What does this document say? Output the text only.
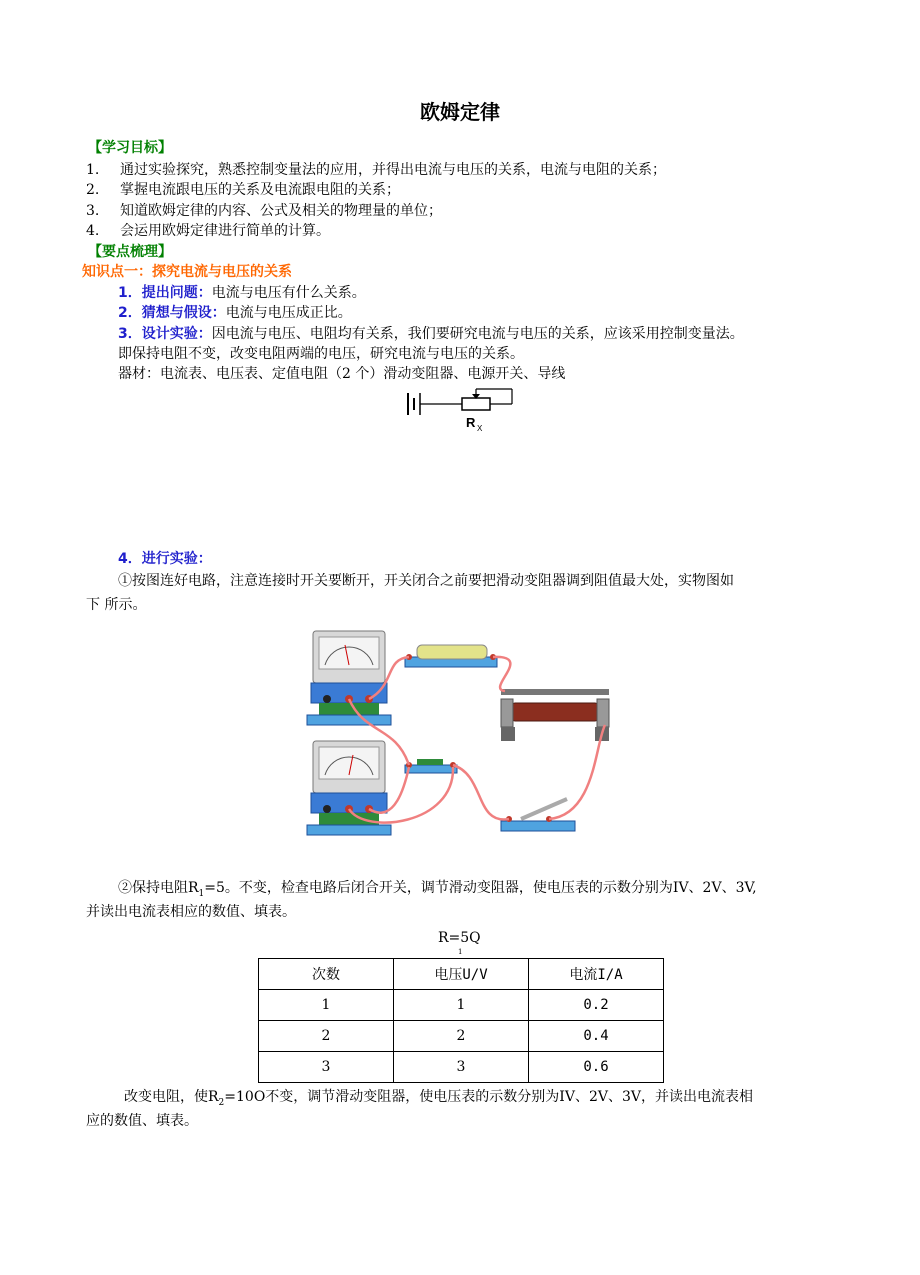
欧姆定律
【学习目标】
1. 通过实验探究，熟悉控制变量法的应用，并得出电流与电压的关系，电流与电阻的关系；
2. 掌握电流跟电压的关系及电流跟电阻的关系；
3. 知道欧姆定律的内容、公式及相关的物理量的单位；
4. 会运用欧姆定律进行简单的计算。
【要点梳理】
知识点一：探究电流与电压的关系
1．提出问题：电流与电压有什么关系。
2．猜想与假设：电流与电压成正比。
3．设计实验：因电流与电压、电阻均有关系，我们要研究电流与电压的关系，应该采用控制变量法。
即保持电阻不变，改变电阻两端的电压，研究电流与电压的关系。
器材：电流表、电压表、定值电阻（2 个）滑动变阻器、电源开关、导线
R X
4．进行实验：
①按图连好电路，注意连接时开关要断开，开关闭合之前要把滑动变阻器调到阻值最大处，实物图如
下 所示。
②保持电阻$R_1=5$。不变，检查电路后闭合开关，调节滑动变阻器，使电压表的示数分别为IV、2V、3V,
并读出电流表相应的数值、填表。
R=5Q
1
次数	电压U/V	电流I/A
1	1	0.2
2	2	0.4
3	3	0.6
改变电阻，使$R_2=10O$不变，调节滑动变阻器，使电压表的示数分别为IV、2V、3V，并读出电流表相
应的数值、填表。
